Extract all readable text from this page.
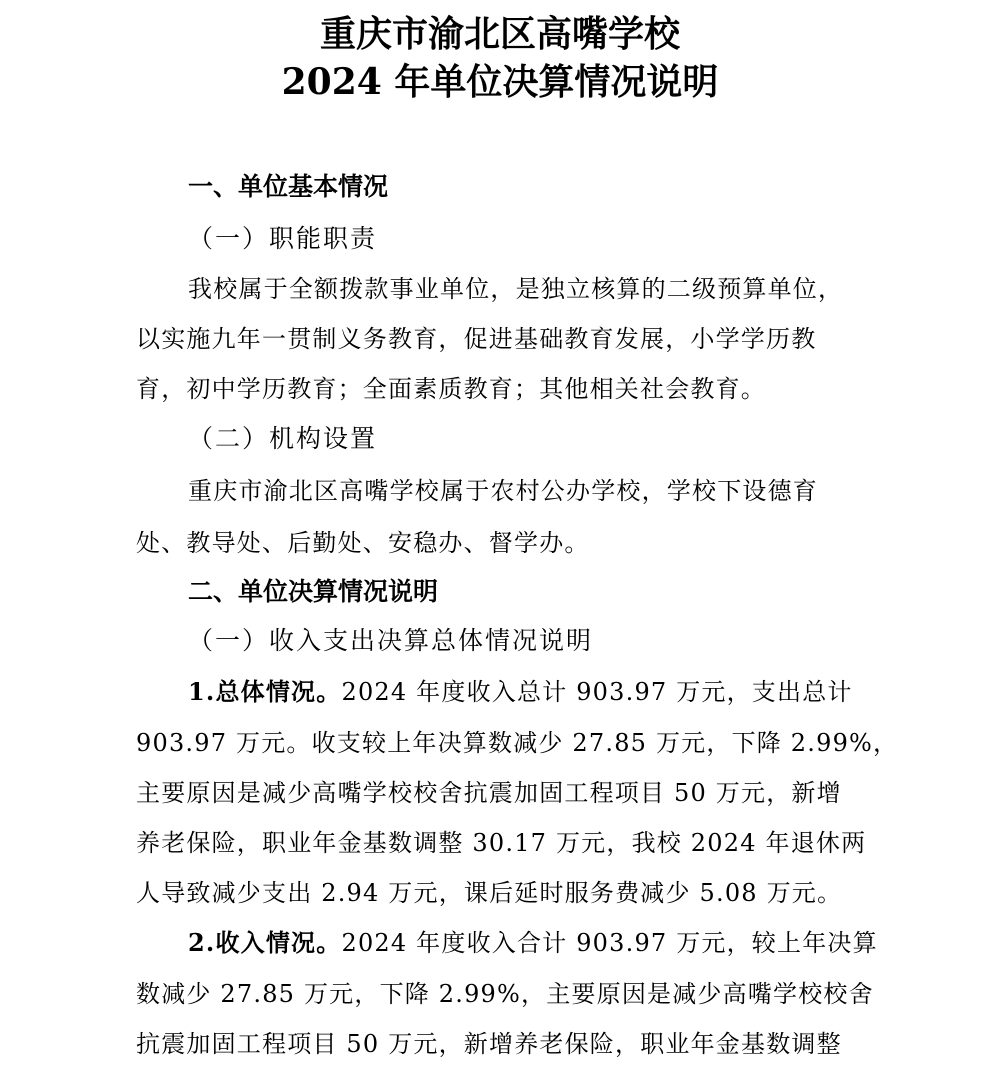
重庆市渝北区高嘴学校
2024 年单位决算情况说明
一、单位基本情况
（一）职能职责
我校属于全额拨款事业单位，是独立核算的二级预算单位，
以实施九年一贯制义务教育，促进基础教育发展，小学学历教
育，初中学历教育；全面素质教育；其他相关社会教育。
（二）机构设置
重庆市渝北区高嘴学校属于农村公办学校，学校下设德育
处、教导处、后勤处、安稳办、督学办。
二、单位决算情况说明
（一）收入支出决算总体情况说明
1.总体情况。2024 年度收入总计 903.97 万元，支出总计
903.97 万元。收支较上年决算数减少 27.85 万元，下降 2.99%，
主要原因是减少高嘴学校校舍抗震加固工程项目 50 万元，新增
养老保险，职业年金基数调整 30.17 万元，我校 2024 年退休两
人导致减少支出 2.94 万元，课后延时服务费减少 5.08 万元。
2.收入情况。2024 年度收入合计 903.97 万元，较上年决算
数减少 27.85 万元，下降 2.99%，主要原因是减少高嘴学校校舍
抗震加固工程项目 50 万元，新增养老保险，职业年金基数调整
